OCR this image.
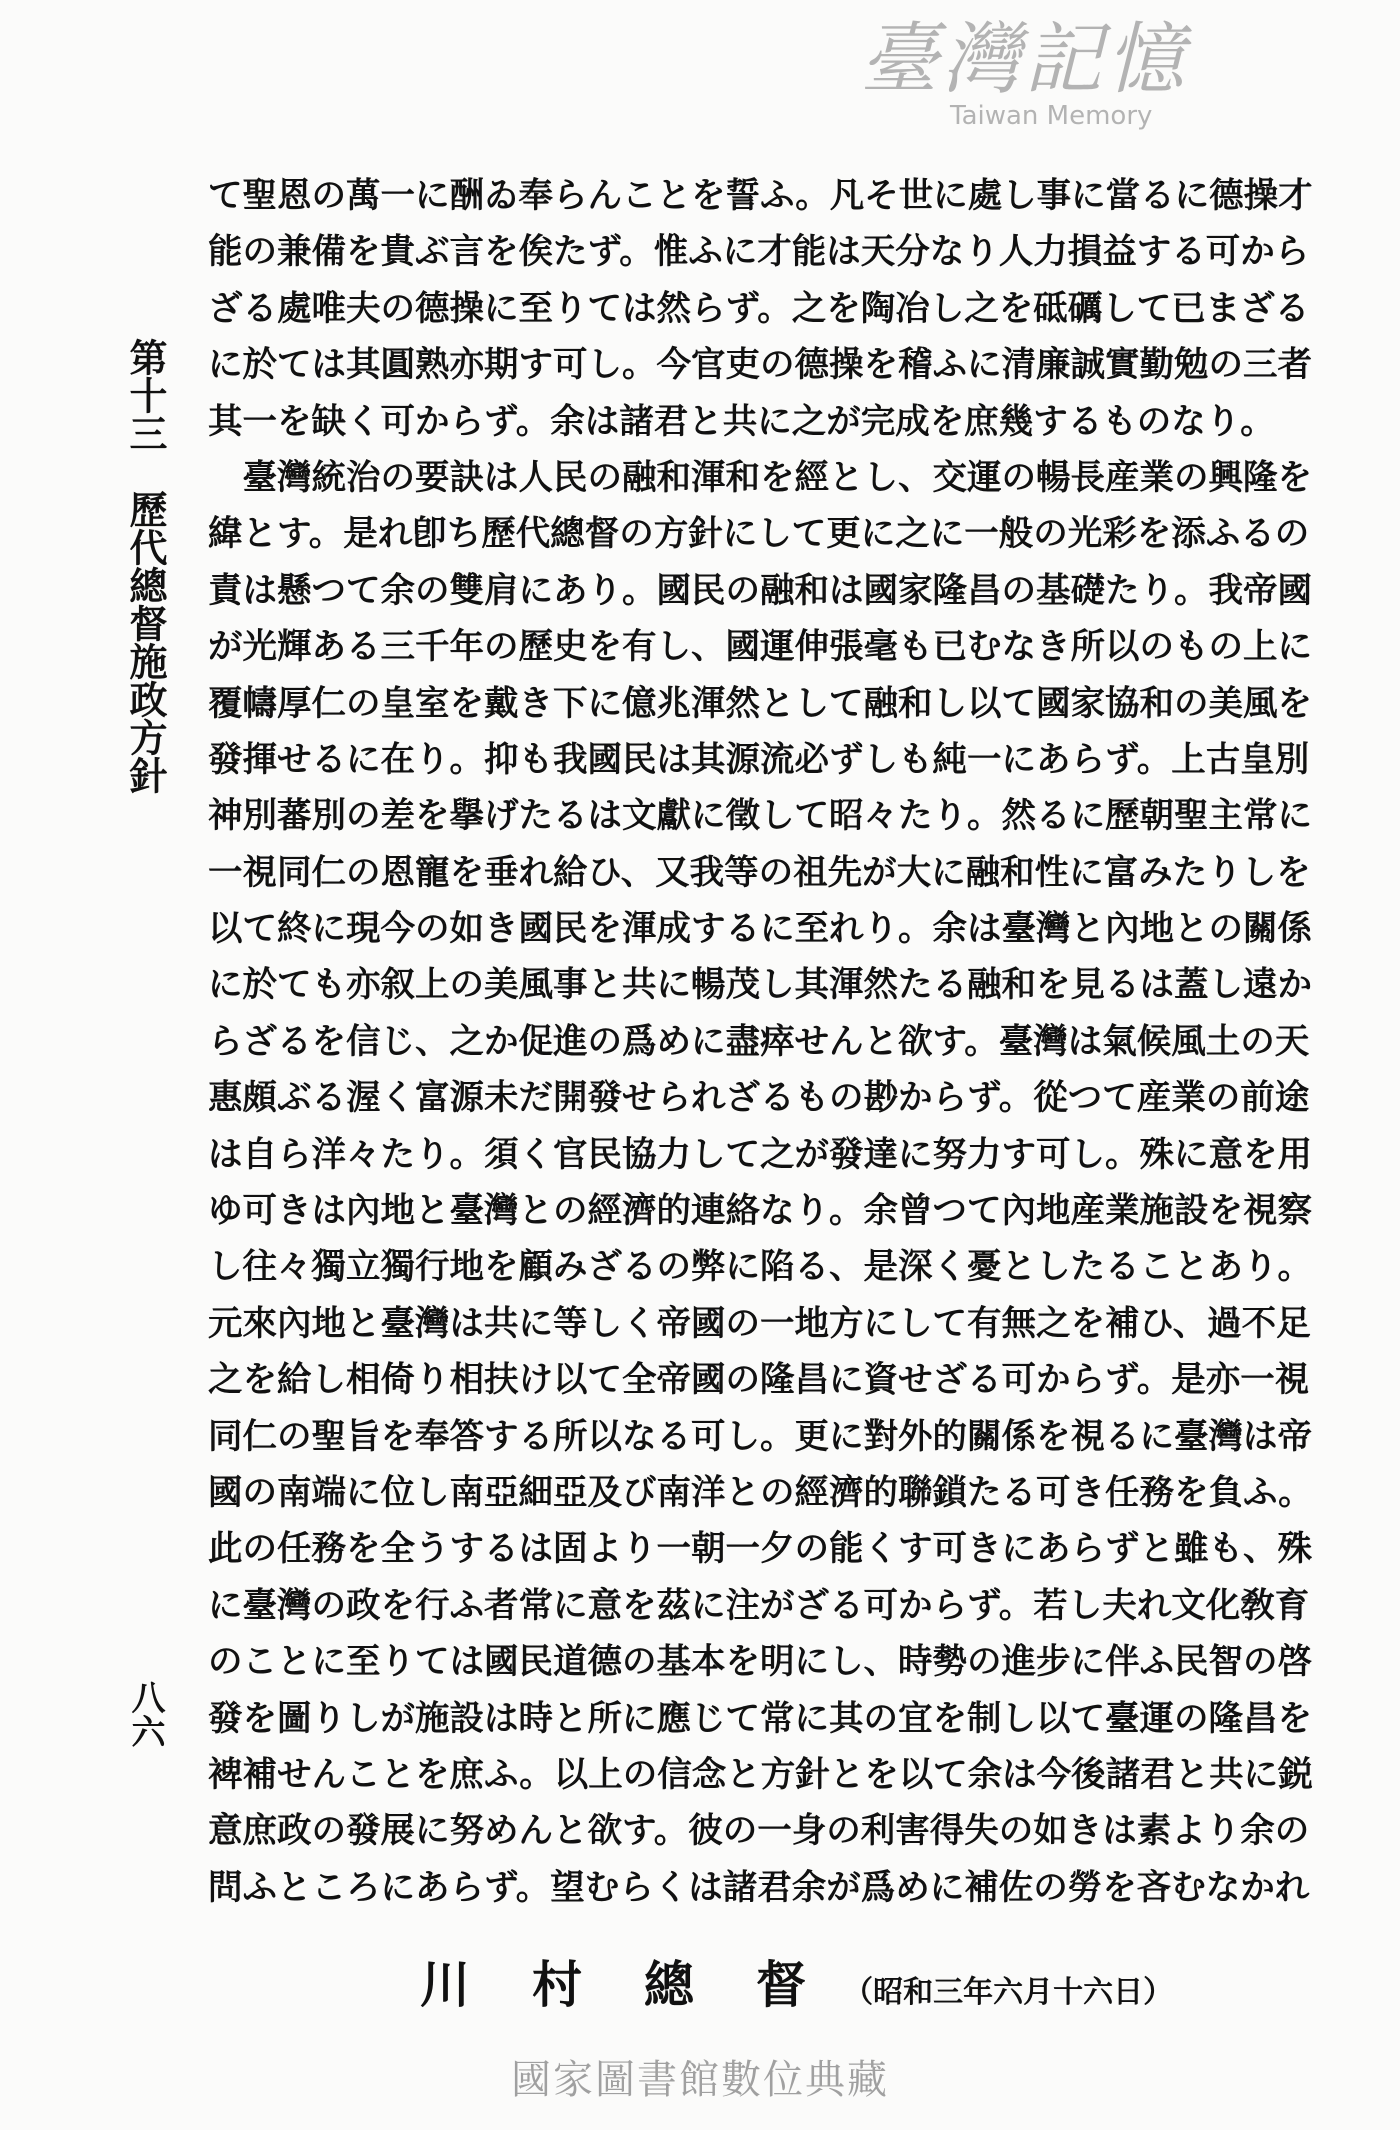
臺灣記憶
Taiwan Memory
第十三　歷代總督施政方針
八六
て聖恩の萬一に酬ゐ奉らんことを誓ふ。凡そ世に處し事に當るに德操才
能の兼備を貴ぶ言を俟たず。惟ふに才能は天分なり人力損益する可から
ざる處唯夫の德操に至りては然らず。之を陶冶し之を砥礪して已まざる
に於ては其圓熟亦期す可し。今官吏の德操を稽ふに清廉誠實勤勉の三者
其一を缺く可からず。余は諸君と共に之が完成を庶幾するものなり。
　臺灣統治の要訣は人民の融和渾和を經とし、交運の暢長産業の興隆を
緯とす。是れ卽ち歷代總督の方針にして更に之に一般の光彩を添ふるの
責は懸つて余の雙肩にあり。國民の融和は國家隆昌の基礎たり。我帝國
が光輝ある三千年の歷史を有し、國運伸張毫も已むなき所以のもの上に
覆幬厚仁の皇室を戴き下に億兆渾然として融和し以て國家協和の美風を
發揮せるに在り。抑も我國民は其源流必ずしも純一にあらず。上古皇別
神別蕃別の差を擧げたるは文獻に徵して昭々たり。然るに歷朝聖主常に
一視同仁の恩寵を垂れ給ひ、又我等の祖先が大に融和性に富みたりしを
以て終に現今の如き國民を渾成するに至れり。余は臺灣と內地との關係
に於ても亦叙上の美風事と共に暢茂し其渾然たる融和を見るは蓋し遠か
らざるを信じ、之か促進の爲めに盡瘁せんと欲す。臺灣は氣候風土の天
惠頗ぶる渥く富源未だ開發せられざるもの尠からず。從つて産業の前途
は自ら洋々たり。須く官民協力して之が發達に努力す可し。殊に意を用
ゆ可きは內地と臺灣との經濟的連絡なり。余曾つて內地産業施設を視察
し往々獨立獨行地を顧みざるの弊に陷る、是深く憂としたることあり。
元來內地と臺灣は共に等しく帝國の一地方にして有無之を補ひ、過不足
之を給し相倚り相扶け以て全帝國の隆昌に資せざる可からず。是亦一視
同仁の聖旨を奉答する所以なる可し。更に對外的關係を視るに臺灣は帝
國の南端に位し南亞細亞及び南洋との經濟的聯鎖たる可き任務を負ふ。
此の任務を全うするは固より一朝一夕の能くす可きにあらずと雖も、殊
に臺灣の政を行ふ者常に意を茲に注がざる可からず。若し夫れ文化敎育
のことに至りては國民道德の基本を明にし、時勢の進步に伴ふ民智の啓
發を圖りしが施設は時と所に應じて常に其の宜を制し以て臺運の隆昌を
裨補せんことを庶ふ。以上の信念と方針とを以て余は今後諸君と共に鋭
意庶政の發展に努めんと欲す。彼の一身の利害得失の如きは素より余の
問ふところにあらず。望むらくは諸君余が爲めに補佐の勞を吝むなかれ
川村總督 （昭和三年六月十六日）
國家圖書館數位典藏
